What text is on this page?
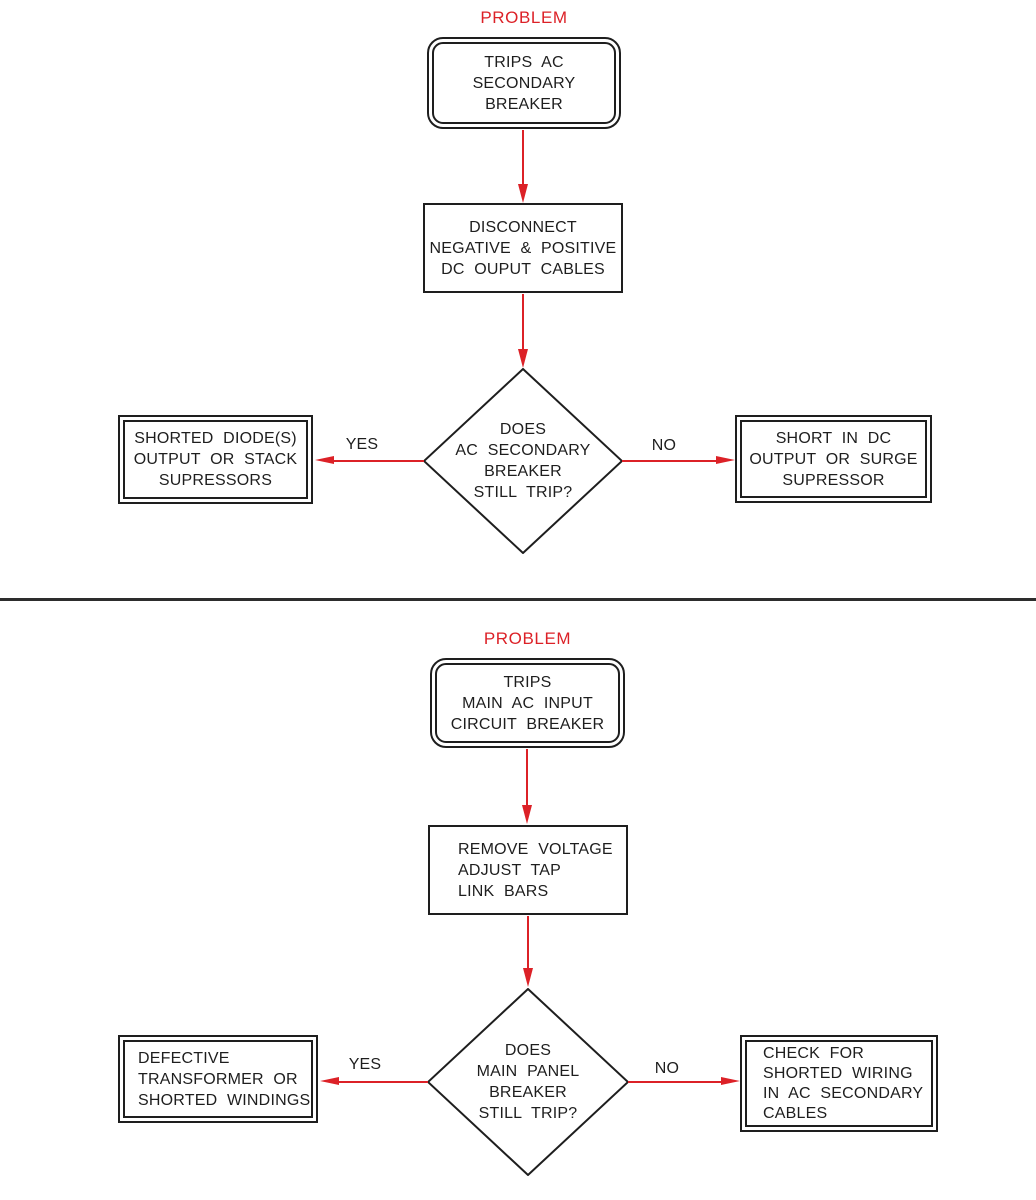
PROBLEM
TRIPS AC
SECONDARY
BREAKER
DISCONNECT
NEGATIVE & POSITIVE
DC OUPUT CABLES
DOES
AC SECONDARY
BREAKER
STILL TRIP?
YES
SHORTED DIODE(S)
OUTPUT OR STACK
SUPRESSORS
NO	SHORT IN DC
OUTPUT OR SURGE
SUPRESSOR
PROBLEM
TRIPS
MAIN AC INPUT
CIRCUIT BREAKER
REMOVE VOLTAGE
ADJUST TAP
LINK BARS
DOES
MAIN PANEL
BREAKER
STILL TRIP?
YES
DEFECTIVE
TRANSFORMER OR
SHORTED WINDINGS
NO
CHECK FOR
SHORTED WIRING
IN AC SECONDARY
CABLES
